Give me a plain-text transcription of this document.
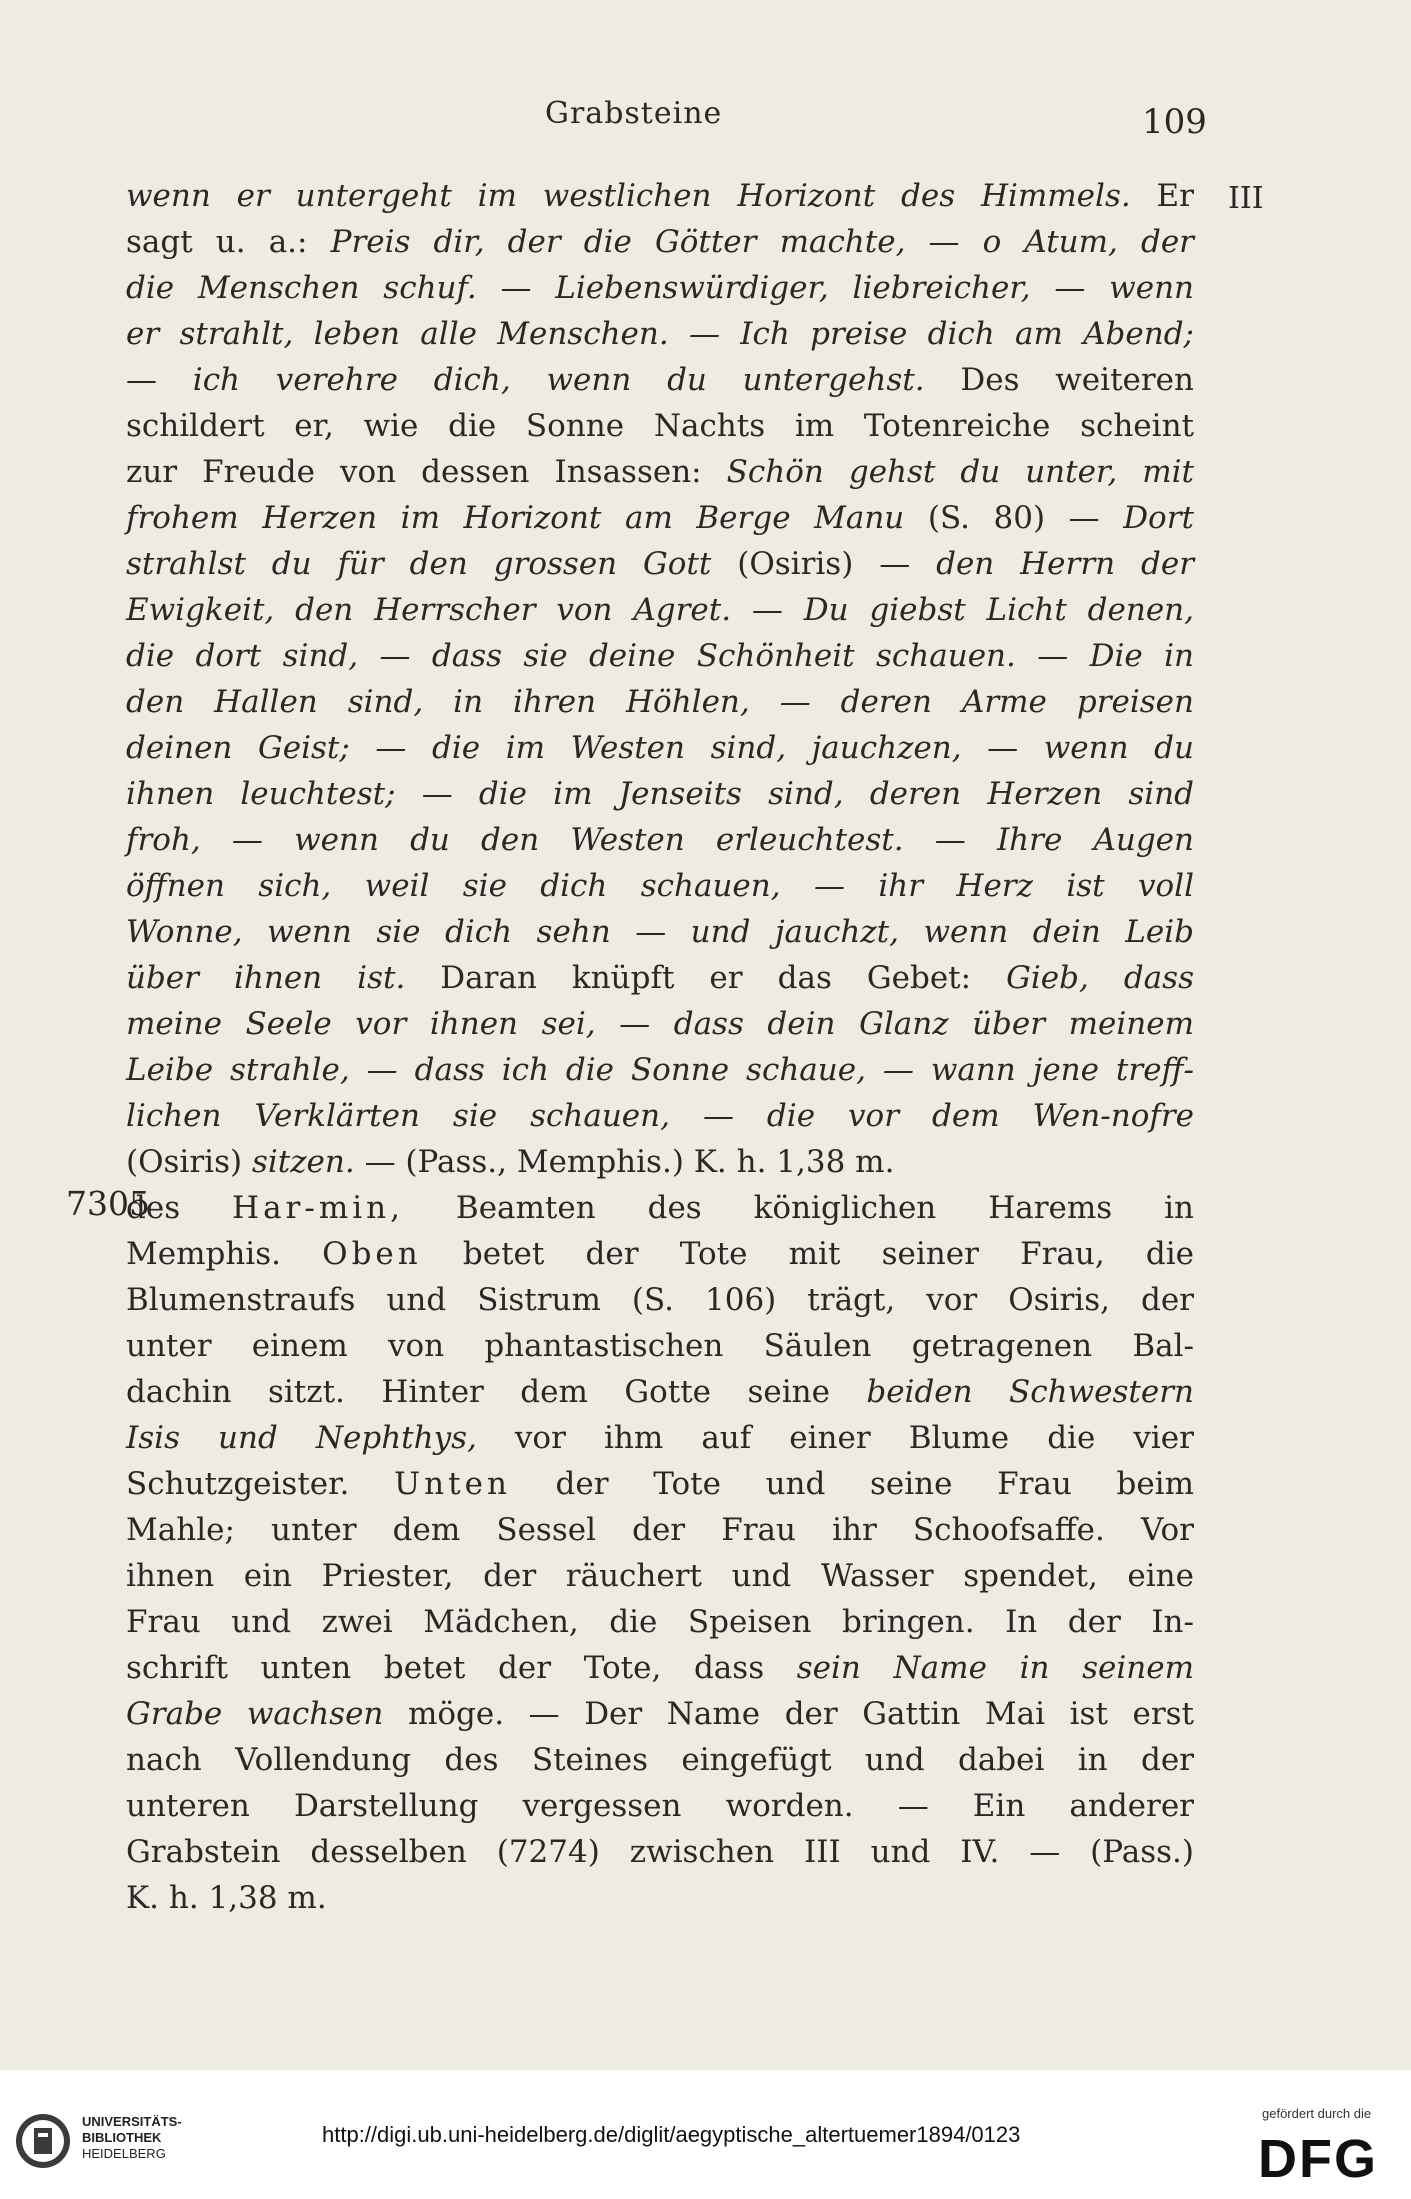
Grabsteine	109
III
7305
wenn er untergeht im westlichen Horizont des Himmels. Er
sagt u. a.: Preis dir, der die Götter machte, — o Atum, der
die Menschen schuf. — Liebenswürdiger, liebreicher, — wenn
er strahlt, leben alle Menschen. — Ich preise dich am Abend;
— ich verehre dich, wenn du untergehst. Des weiteren
schildert er, wie die Sonne Nachts im Totenreiche scheint
zur Freude von dessen Insassen: Schön gehst du unter, mit
frohem Herzen im Horizont am Berge Manu (S. 80) — Dort
strahlst du für den grossen Gott (Osiris) — den Herrn der
Ewigkeit, den Herrscher von Agret. — Du giebst Licht denen,
die dort sind, — dass sie deine Schönheit schauen. — Die in
den Hallen sind, in ihren Höhlen, — deren Arme preisen
deinen Geist; — die im Westen sind, jauchzen, — wenn du
ihnen leuchtest; — die im Jenseits sind, deren Herzen sind
froh, — wenn du den Westen erleuchtest. — Ihre Augen
öffnen sich, weil sie dich schauen, — ihr Herz ist voll
Wonne, wenn sie dich sehn — und jauchzt, wenn dein Leib
über ihnen ist. Daran knüpft er das Gebet: Gieb, dass
meine Seele vor ihnen sei, — dass dein Glanz über meinem
Leibe strahle, — dass ich die Sonne schaue, — wann jene treff-
lichen Verklärten sie schauen, — die vor dem Wen-nofre
(Osiris) sitzen. — (Pass., Memphis.) K. h. 1,38 m.
des Har-min, Beamten des königlichen Harems in
Memphis. Oben betet der Tote mit seiner Frau, die
Blumenstraufs und Sistrum (S. 106) trägt, vor Osiris, der
unter einem von phantastischen Säulen getragenen Bal-
dachin sitzt. Hinter dem Gotte seine beiden Schwestern
Isis und Nephthys, vor ihm auf einer Blume die vier
Schutzgeister. Unten der Tote und seine Frau beim
Mahle; unter dem Sessel der Frau ihr Schoofsaffe. Vor
ihnen ein Priester, der räuchert und Wasser spendet, eine
Frau und zwei Mädchen, die Speisen bringen. In der In-
schrift unten betet der Tote, dass sein Name in seinem
Grabe wachsen möge. — Der Name der Gattin Mai ist erst
nach Vollendung des Steines eingefügt und dabei in der
unteren Darstellung vergessen worden. — Ein anderer
Grabstein desselben (7274) zwischen III und IV. — (Pass.)
K. h. 1,38 m.
UNIVERSITÄTS-
BIBLIOTHEK
HEIDELBERG
http://digi.ub.uni-heidelberg.de/diglit/aegyptische_altertuemer1894/0123
gefördert durch die
DFG
